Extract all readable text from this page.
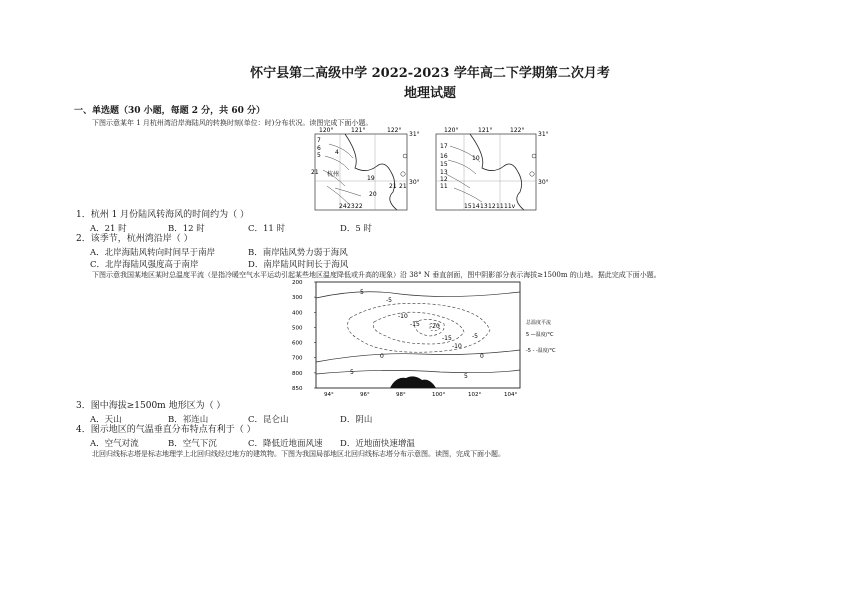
怀宁县第二高级中学 2022-2023 学年高二下学期第二次月考
地理试题
一、单选题（30 小题，每题 2 分，共 60 分）
下图示意某年 1 月杭州湾沿岸海陆风的转换时刻(单位：时)分布状况。读图完成下面小题。
120°	121°	122°
31°
30°
7
6
5 4
21 杭州
19
20
21 21
24 23 22
120°	121°	122°
31°
30°
17
16
15
13
12
11
10
15 14 13 12 11 11v
1．杭州 1 月份陆风转海风的时间约为（ ）
A．21 时	B．12 时	C．11 时	D．5 时
2．该季节，杭州湾沿岸（ ）
A．北岸海陆风转向时间早于南岸	B．南岸陆风势力弱于海风
C．北岸海陆风强度高于南岸	D．南岸陆风时间长于海风
下图示意我国某地区某时总温度平流（是指冷暖空气水平运动引起某些地区温度降低或升高的现象）沿 38° N 垂直剖面，图中阴影部分表示海拔≥1500m 的山地。据此完成下面小题。
200
300
400
500
600
700
800
850
94°	96°	98°	100°	102°	104°
5
-5
-10
-15 -20
-15
-10
-5
0	0
5
5
总温度平流
5 —温度/°C
-5 - -温度/°C
3．图中海拔≥1500m 地形区为（ ）
A．天山	B．祁连山	C．昆仑山	D．阴山
4．图示地区的气温垂直分布特点有利于（ ）
A．空气对流	B．空气下沉	C．降低近地面风速 D．近地面快速增温
北回归线标志塔是标志地理学上北回归线经过地方的建筑物。下图为我国局部地区北回归线标志塔分布示意图。读图，完成下面小题。
